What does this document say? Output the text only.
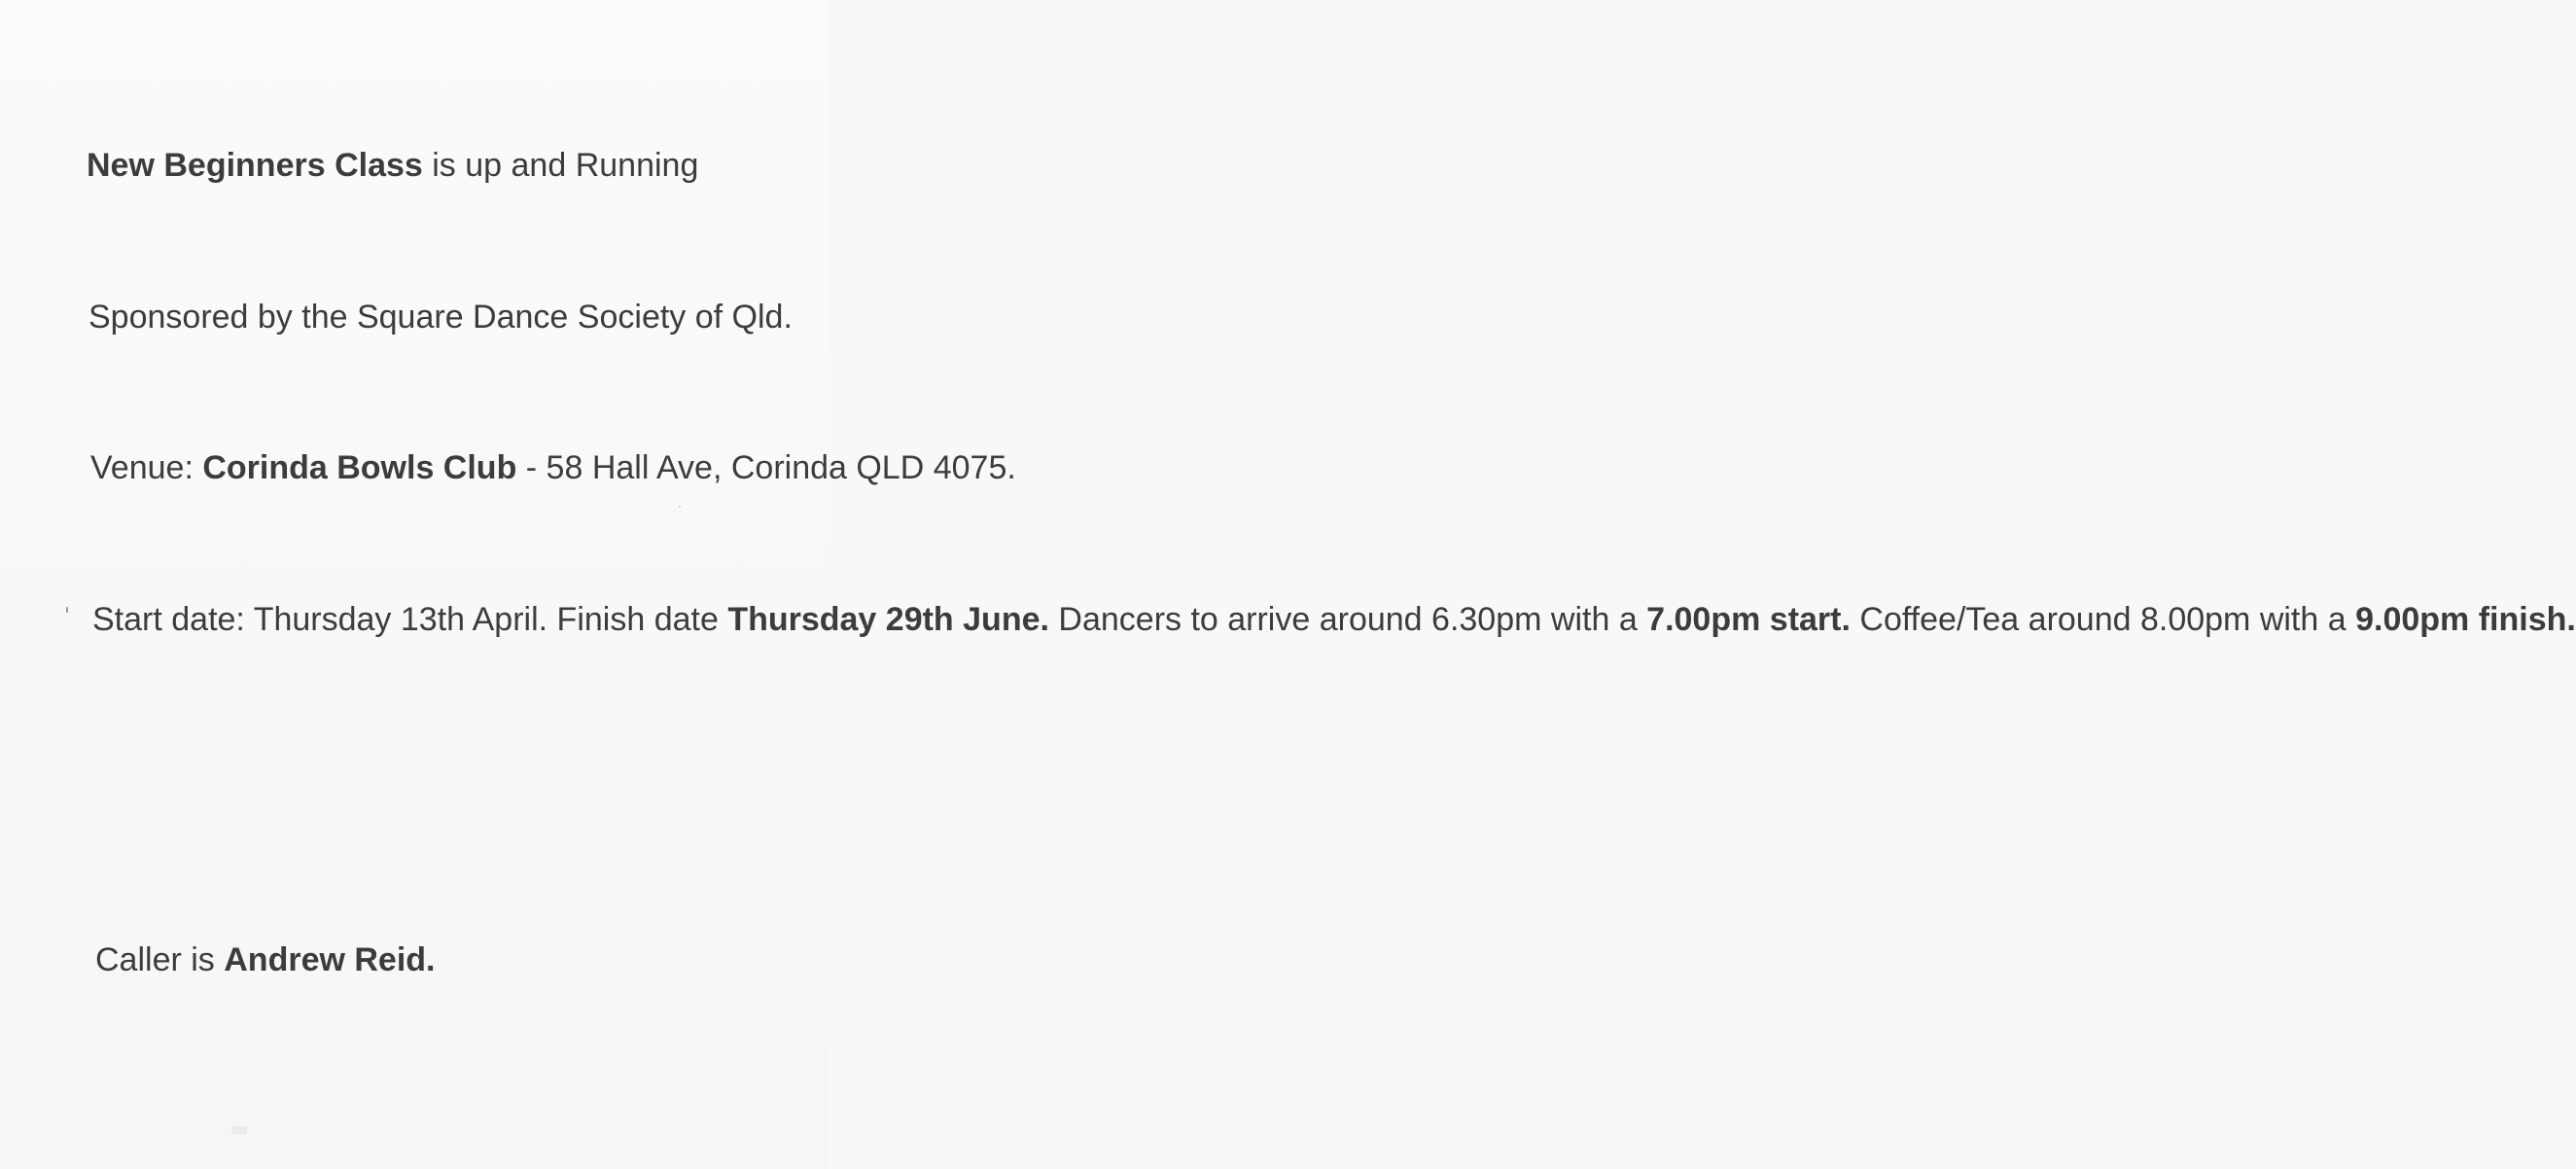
New Beginners Class is up and Running
Sponsored by the Square Dance Society of Qld.
Venue: Corinda Bowls Club - 58 Hall Ave, Corinda QLD 4075.
Start date: Thursday 13th April. Finish date Thursday 29th June. Dancers to arrive around 6.30pm with a 7.00pm start. Coffee/Tea around 8.00pm with a 9.00pm finish.
Caller is Andrew Reid.
